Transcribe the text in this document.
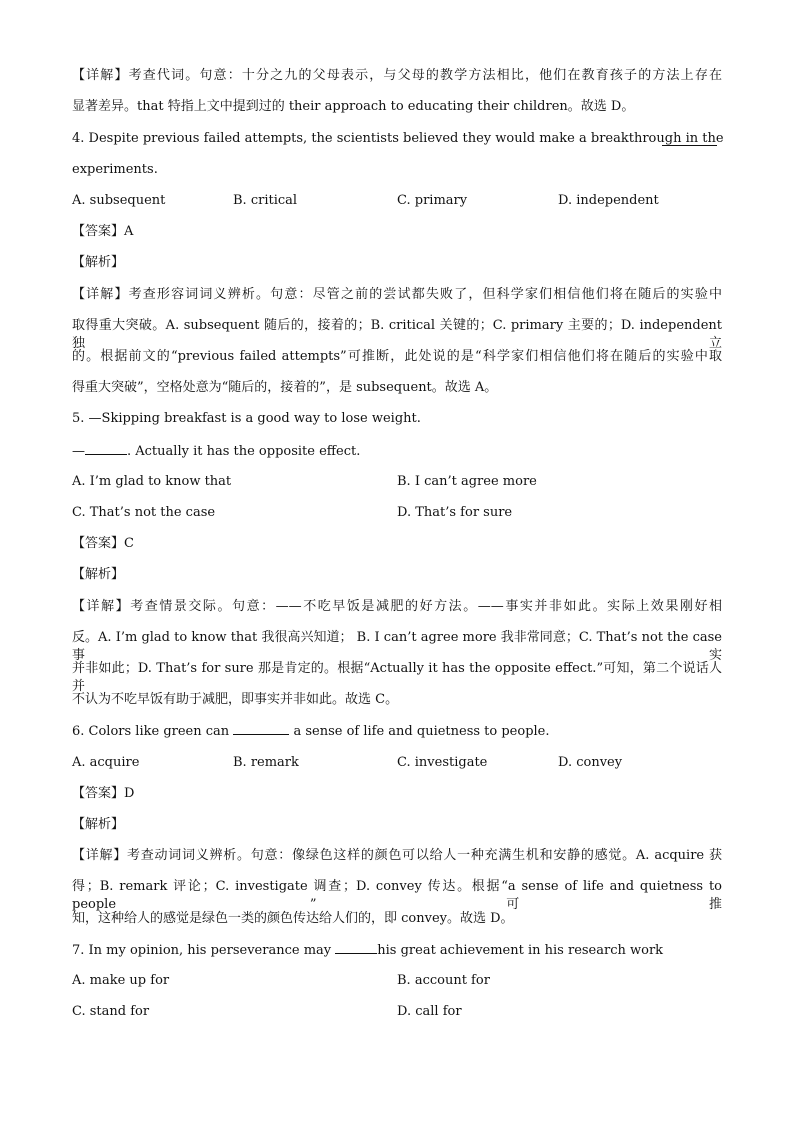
【详解】考查代词。句意：十分之九的父母表示，与父母的教学方法相比，他们在教育孩子的方法上存在
显著差异。that 特指上文中提到过的 their approach to educating their children。故选 D。
4. Despite previous failed attempts, the scientists believed they would make a breakthrough in the
experiments.
A. subsequent	B. critical	C. primary	D. independent
【答案】A
【解析】
【详解】考查形容词词义辨析。句意：尽管之前的尝试都失败了，但科学家们相信他们将在随后的实验中
取得重大突破。A. subsequent 随后的，接着的；B. critical 关键的；C. primary 主要的；D. independent 独立
的。根据前文的“previous failed attempts”可推断，此处说的是“科学家们相信他们将在随后的实验中取
得重大突破”，空格处意为“随后的，接着的”，是 subsequent。故选 A。
5. —Skipping breakfast is a good way to lose weight.
—	. Actually it has the opposite effect.
A. I’m glad to know that	B. I can’t agree more
C. That’s not the case	D. That’s for sure
【答案】C
【解析】
【详解】考查情景交际。句意：——不吃早饭是减肥的好方法。——事实并非如此。实际上效果刚好相
反。A. I’m glad to know that 我很高兴知道； B. I can’t agree more 我非常同意；C. That’s not the case 事实
并非如此；D. That’s for sure 那是肯定的。根据“Actually it has the opposite effect.”可知，第二个说话人并
不认为不吃早饭有助于减肥，即事实并非如此。故选 C。
6. Colors like green can	a sense of life and quietness to people.
A. acquire	B. remark	C. investigate	D. convey
【答案】D
【解析】
【详解】考查动词词义辨析。句意：像绿色这样的颜色可以给人一种充满生机和安静的感觉。A. acquire 获
得；B. remark 评论；C. investigate 调查；D. convey 传达。根据“a sense of life and quietness to people ”可推
知，这种给人的感觉是绿色一类的颜色传达给人们的，即 convey。故选 D。
7. In my opinion, his perseverance may	his great achievement in his research work
A. make up for	B. account for
C. stand for	D. call for
